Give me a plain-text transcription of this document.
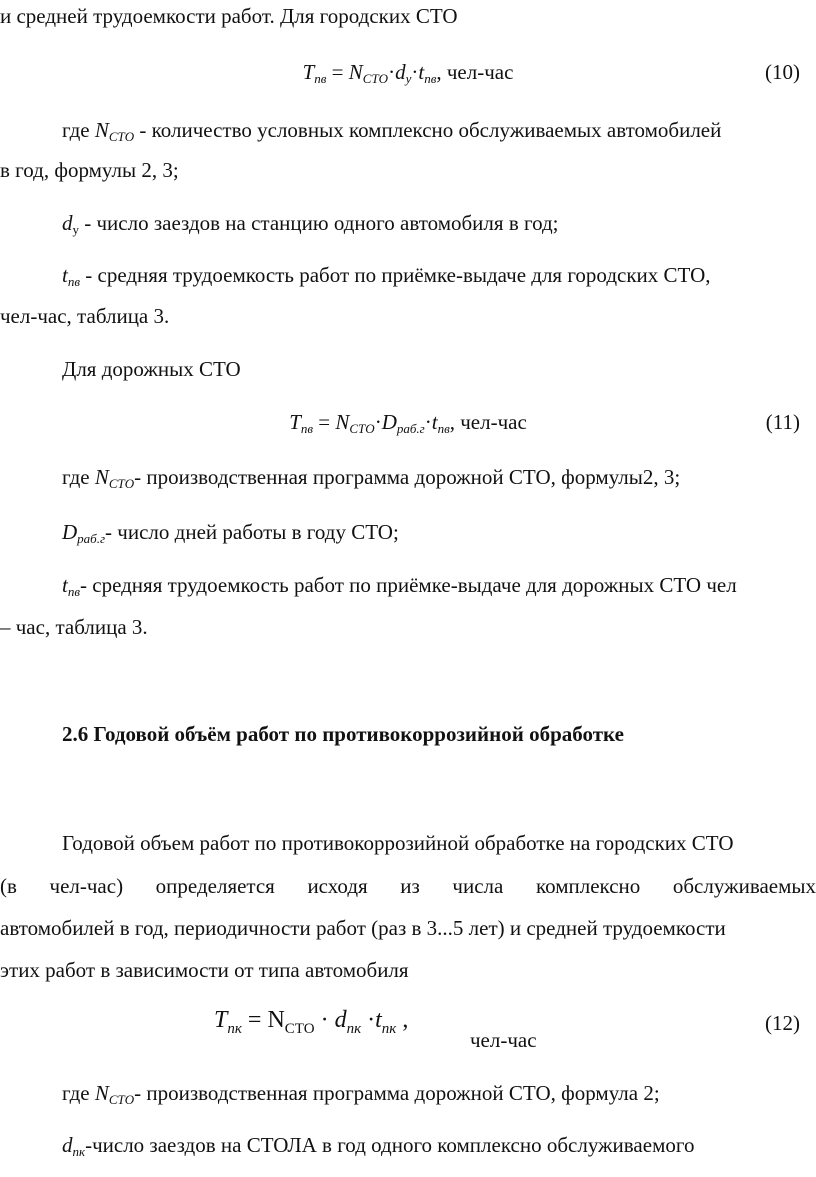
и средней трудоемкости работ. Для городских СТО
$T_{пв} = N_{СТО}\cdot d_у\cdot t_{пв}$, чел-час	(10)
где $N_{СТО}$ - количество условных комплексно обслуживаемых автомобилей
в год, формулы 2, 3;
$d_у$ - число заездов на станцию одного автомобиля в год;
$t_{пв}$ - средняя трудоемкость работ по приёмке-выдаче для городских СТО,
чел-час, таблица 3.
Для дорожных СТО
$T_{пв} = N_{СТО}\cdot D_{раб.г}\cdot t_{пв}$, чел-час	(11)
где $N_{СТО}-$ производственная программа дорожной СТО, формулы2, 3;
$D_{раб.г}-$ число дней работы в году СТО;
$t_{пв}-$ средняя трудоемкость работ по приёмке-выдаче для дорожных СТО чел
– час, таблица 3.
2.6 Годовой объём работ по противокоррозийной обработке
Годовой объем работ по противокоррозийной обработке на городских СТО
(в чел-час) определяется исходя из числа комплексно обслуживаемых
автомобилей в год, периодичности работ (раз в 3...5 лет) и средней трудоемкости
этих работ в зависимости от типа автомобиля
$T_{пк} = N_{СТО} \cdot d_{пк} \cdot t_{пк}$ ,
чел-час
(12)
где $N_{СТО}-$ производственная программа дорожной СТО, формула 2;
$d_{пк}$-число заездов на СТОЛА в год одного комплексно обслуживаемого
